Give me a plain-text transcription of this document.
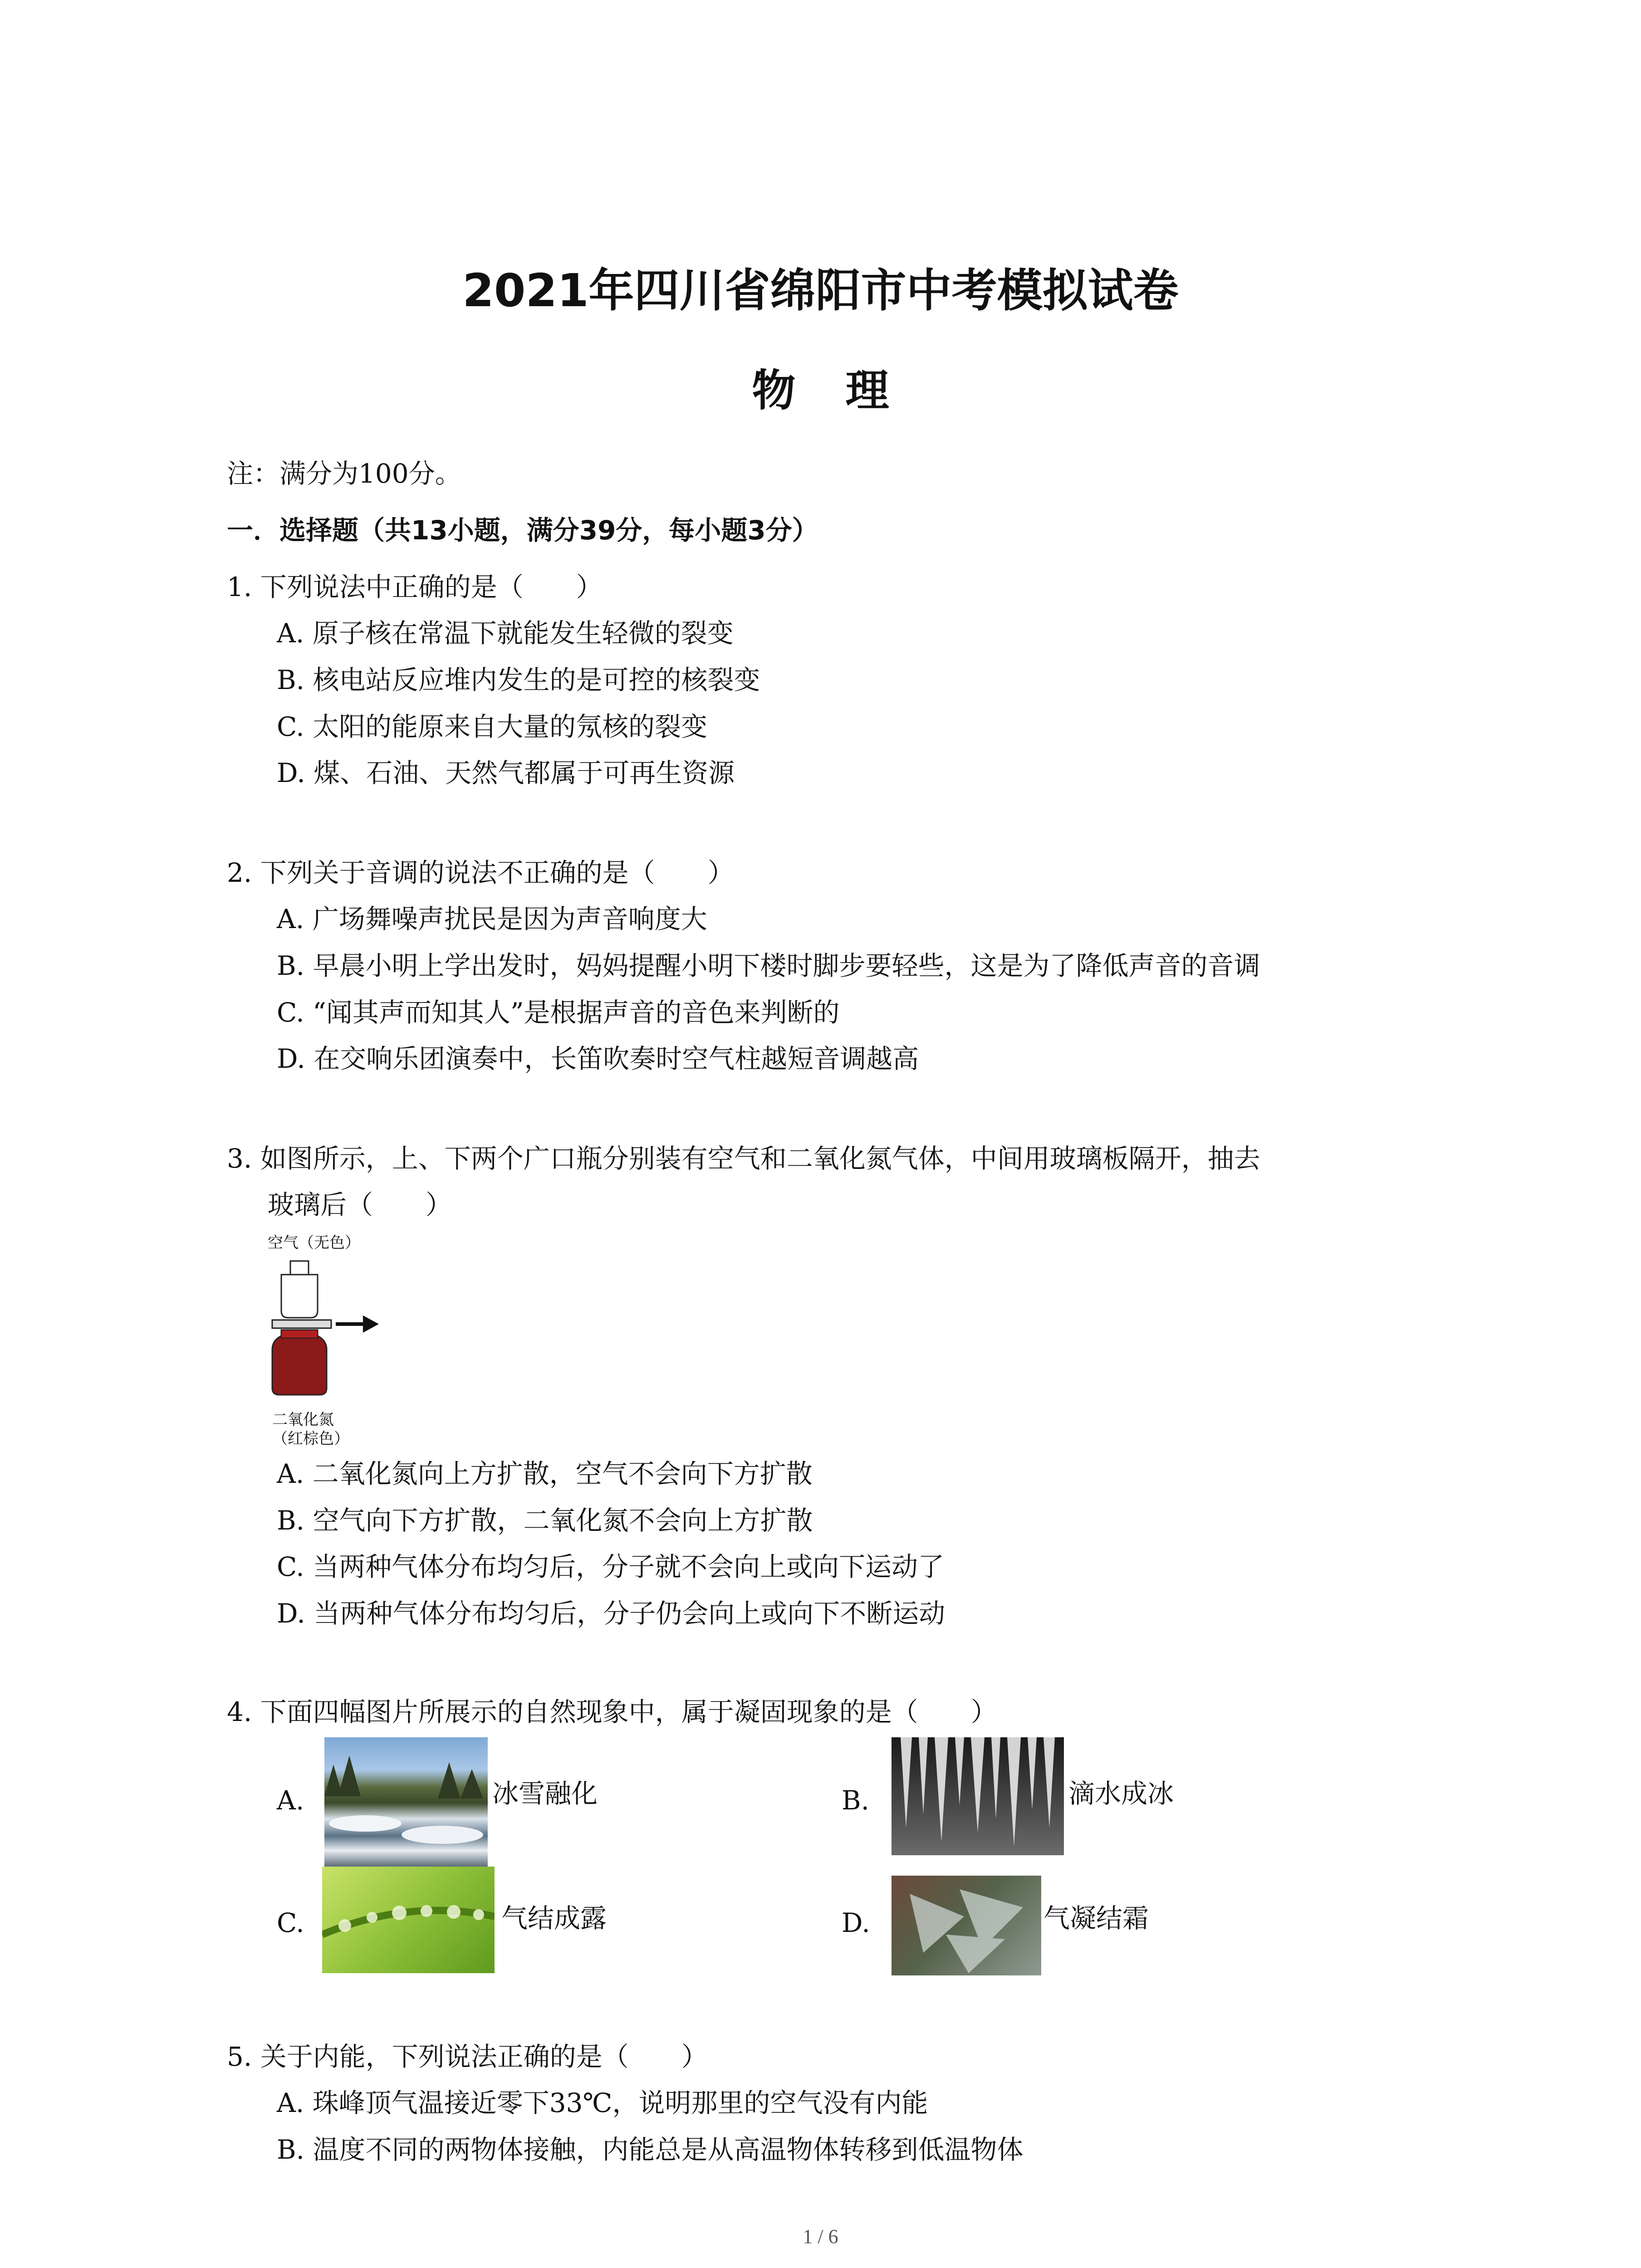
2021年四川省绵阳市中考模拟试卷
物理
注：满分为100分。
一．选择题（共13小题，满分39分，每小题3分）
1. 下列说法中正确的是（　　）
A. 原子核在常温下就能发生轻微的裂变
B. 核电站反应堆内发生的是可控的核裂变
C. 太阳的能原来自大量的氖核的裂变
D. 煤、石油、天然气都属于可再生资源
2. 下列关于音调的说法不正确的是（　　）
A. 广场舞噪声扰民是因为声音响度大
B. 早晨小明上学出发时，妈妈提醒小明下楼时脚步要轻些，这是为了降低声音的音调
C. “闻其声而知其人”是根据声音的音色来判断的
D. 在交响乐团演奏中，长笛吹奏时空气柱越短音调越高
3. 如图所示，上、下两个广口瓶分别装有空气和二氧化氮气体，中间用玻璃板隔开，抽去
玻璃后（　　）
空气（无色）
二氧化氮
（红棕色）
A. 二氧化氮向上方扩散，空气不会向下方扩散
B. 空气向下方扩散，二氧化氮不会向上方扩散
C. 当两种气体分布均匀后，分子就不会向上或向下运动了
D. 当两种气体分布均匀后，分子仍会向上或向下不断运动
4. 下面四幅图片所展示的自然现象中，属于凝固现象的是（　　）
A.	冰雪融化	B.	滴水成冰
C.	气结成露	D.	气凝结霜
5. 关于内能，下列说法正确的是（　　）
A. 珠峰顶气温接近零下33℃，说明那里的空气没有内能
B. 温度不同的两物体接触，内能总是从高温物体转移到低温物体
1 / 6
